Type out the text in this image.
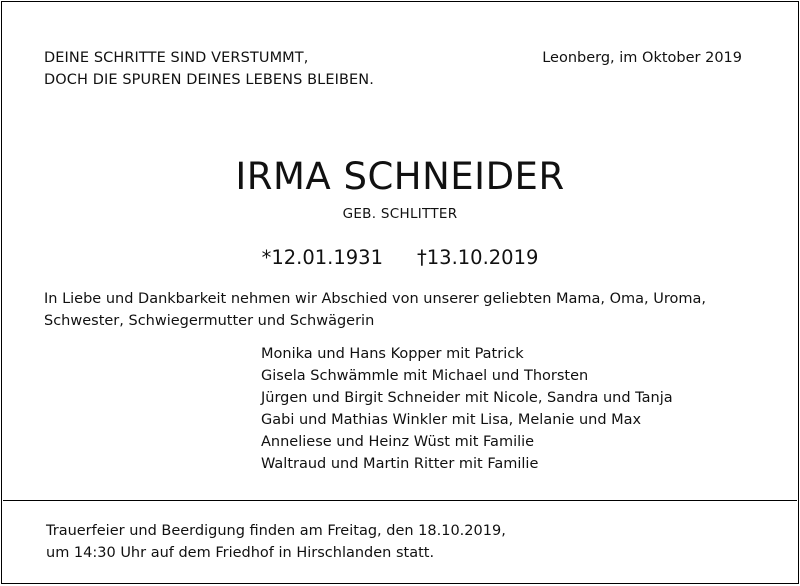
DEINE SCHRITTE SIND VERSTUMMT,
DOCH DIE SPUREN DEINES LEBENS BLEIBEN.
Leonberg, im Oktober 2019
IRMA SCHNEIDER
GEB. SCHLITTER
*12.01.1931 †13.10.2019
In Liebe und Dankbarkeit nehmen wir Abschied von unserer geliebten Mama, Oma, Uroma,
Schwester, Schwiegermutter und Schwägerin
Monika und Hans Kopper mit Patrick
Gisela Schwämmle mit Michael und Thorsten
Jürgen und Birgit Schneider mit Nicole, Sandra und Tanja
Gabi und Mathias Winkler mit Lisa, Melanie und Max
Anneliese und Heinz Wüst mit Familie
Waltraud und Martin Ritter mit Familie
Trauerfeier und Beerdigung finden am Freitag, den 18.10.2019,
um 14:30 Uhr auf dem Friedhof in Hirschlanden statt.
